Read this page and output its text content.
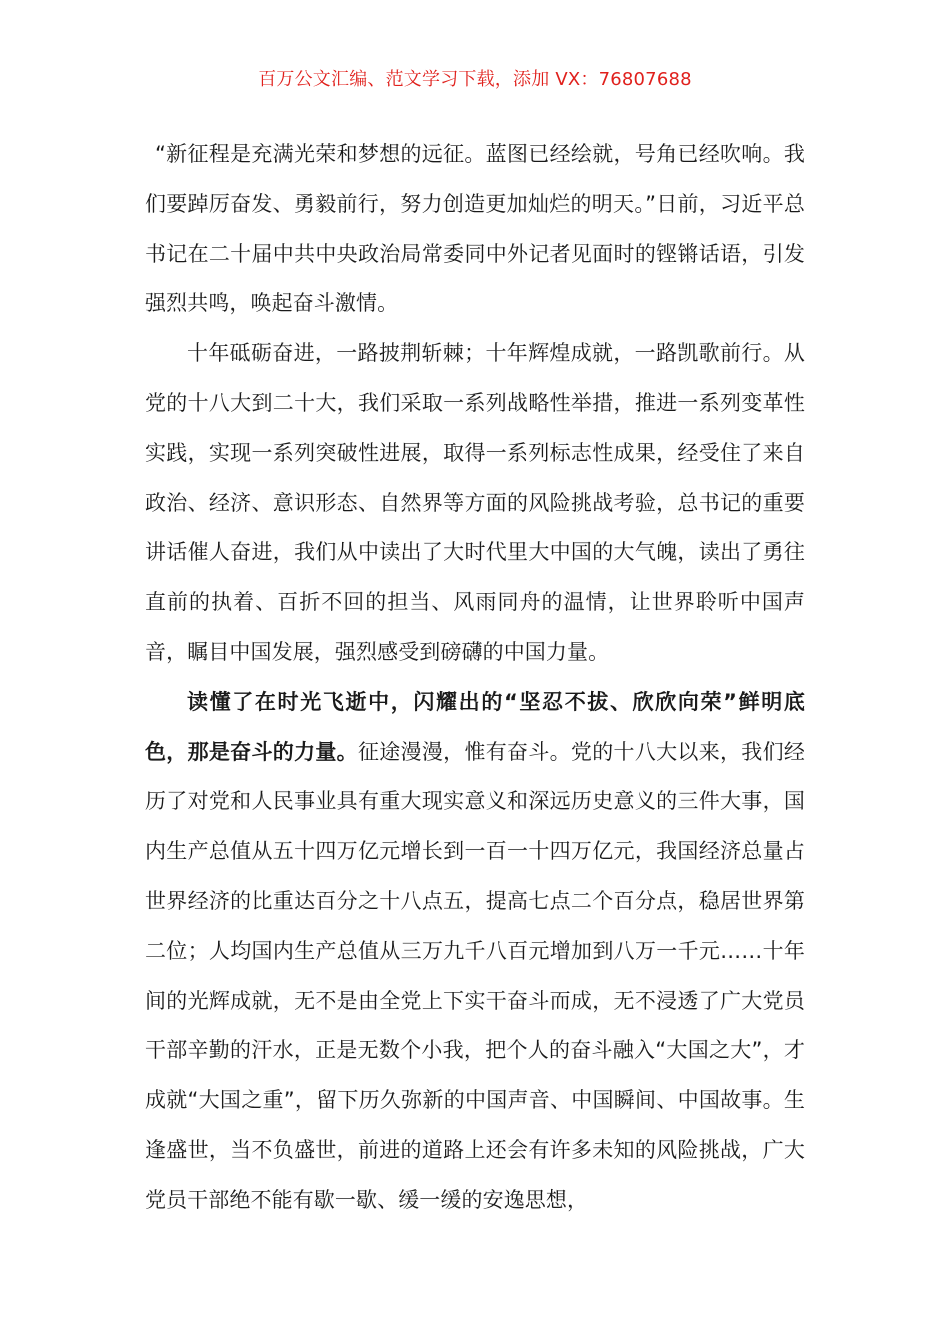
百万公文汇编、范文学习下载，添加 VX：76807688

“新征程是充满光荣和梦想的远征。蓝图已经绘就，号角已经吹响。我们要踔厉奋发、勇毅前行，努力创造更加灿烂的明天。”日前，习近平总书记在二十届中共中央政治局常委同中外记者见面时的铿锵话语，引发强烈共鸣，唤起奋斗激情。

十年砥砺奋进，一路披荆斩棘；十年辉煌成就，一路凯歌前行。从党的十八大到二十大，我们采取一系列战略性举措，推进一系列变革性实践，实现一系列突破性进展，取得一系列标志性成果，经受住了来自政治、经济、意识形态、自然界等方面的风险挑战考验，总书记的重要讲话催人奋进，我们从中读出了大时代里大中国的大气魄，读出了勇往直前的执着、百折不回的担当、风雨同舟的温情，让世界聆听中国声音，瞩目中国发展，强烈感受到磅礴的中国力量。

读懂了在时光飞逝中，闪耀出的“坚忍不拔、欣欣向荣”鲜明底色，那是奋斗的力量。征途漫漫，惟有奋斗。党的十八大以来，我们经历了对党和人民事业具有重大现实意义和深远历史意义的三件大事，国内生产总值从五十四万亿元增长到一百一十四万亿元，我国经济总量占世界经济的比重达百分之十八点五，提高七点二个百分点，稳居世界第二位；人均国内生产总值从三万九千八百元增加到八万一千元……十年间的光辉成就，无不是由全党上下实干奋斗而成，无不浸透了广大党员干部辛勤的汗水，正是无数个小我，把个人的奋斗融入“大国之大”，才成就“大国之重”，留下历久弥新的中国声音、中国瞬间、中国故事。生逢盛世，当不负盛世，前进的道路上还会有许多未知的风险挑战，广大党员干部绝不能有歇一歇、缓一缓的安逸思想，
